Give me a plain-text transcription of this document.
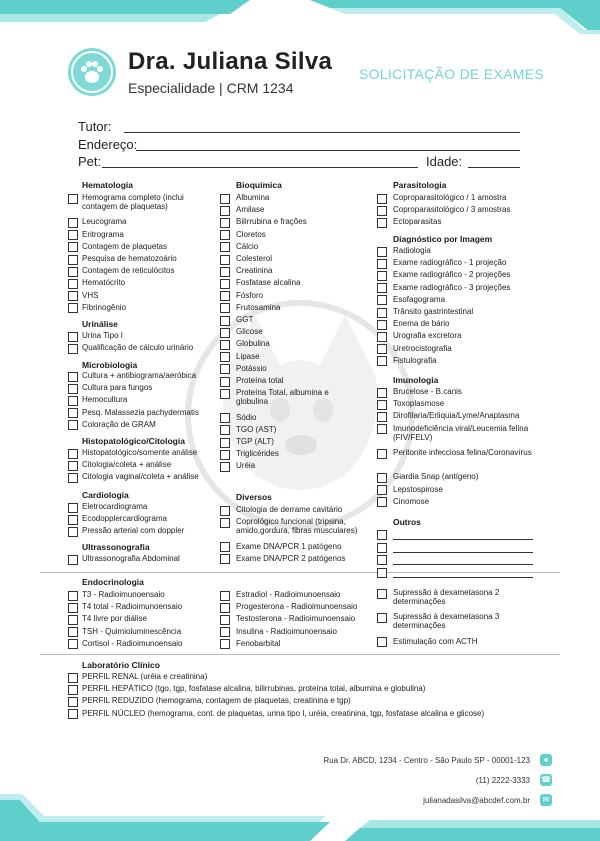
Dra. Juliana Silva
Especialidade | CRM 1234
SOLICITAÇÃO DE EXAMES
Tutor:
Endereço:
Pet:	Idade:
Hematologia
Urinálise
Microbiologia
Histopatológico/Citologia
Cardiologia
Ultrassonografia
Bioquímica
Diversos
Parasitologia
Diagnóstico por Imagem
Imunologia
Outros
Endocrinologia
Laboratório Clínico
Rua Dr. ABCD, 1234 - Centro - São Paulo SP - 00001-123	●
(11) 2222-3333 ☎
julianadasilva@abcdef.com.br	✉
Hemograma completo (inclui contagem de plaquetas)
Leucograma
Eritrograma
Contagem de plaquetas
Pesquisa de hematozoário
Contagem de reticulócitos
Hematócrito
VHS
Fibrinogênio
Urina Tipo I
Qualificação de cálculo urinário
Cultura + antibiograma/aeróbica
Cultura para fungos
Hemocultura
Pesq. Malassezia pachydermatis
Coloração de GRAM
Histopatológico/somente análise
Citologia/coleta + análise
Citologia vaginal/coleta + análise
Eletrocardiograma
Ecodopplercardiograma
Pressão arterial com doppler
Ultrassonografia Abdominal
Albumina
Amilase
Bilirrubina e frações
Cloretos
Cálcio
Colesterol
Creatinina
Fosfatase alcalina
Fósforo
Frutosamina
GGT
Glicose
Globulina
Lipase
Potássio
Proteína total
Proteína Total, albumina e globulina
Sódio
TGO (AST)
TGP (ALT)
Triglicérides
Uréia
Citologia de derrame cavitário
Coprológico funcional (tripsina, amido,gordura, fibras musculares)
Exame DNA/PCR 1 patógeno
Exame DNA/PCR 2 patógenos
Coproparasitológico / 1 amostra
Coproparasitológico / 3 amostras
Ectoparasitas
Radiologia
Exame radiográfico - 1 projeção
Exame radiográfico - 2 projeções
Exame radiográfico - 3 projeções
Esofagograma
Trânsito gastrintestinal
Enema de bário
Urografia excretora
Uretrocistografia
Fistulografia
Brucelose - B.canis
Toxoplasmose
Dirofilaria/Erliquia/Lyme/Anaplasma
Imunodeficiência viral/Leucemia felina (FIV/FELV)
Peritonite infecciosa felina/Coronavírus
Giardia Snap (antígeno)
Lepstospirose
Cinomose
T3 - Radioimunoensaio
T4 total - Radioimunoensaio
T4 livre por diálise
TSH - Quimioluminescência
Cortisol - Radioimunoensaio
Estradiol - Radioimunoensaio
Progesterona - Radioimunoensaio
Testosterona - Radioimunoensaio
Insulina - Radioimunoensaio
Fenobarbital
Supressão à dexametasona 2 determinações
Supressão à dexametasona 3 determinações
Estimulação com ACTH
PERFIL RENAL (uréia e creatinina)
PERFIL HEPÁTICO (tgo, tgp, fosfatase alcalina, bilirrubinas, proteína total, albumina e globulina)
PERFIL REDUZIDO (hemograma, contagem de plaquetas, creatinina e tgp)
PERFIL NÚCLEO (hemograma, cont. de plaquetas, urina tipo I, uréia, creatinina, tgp, fosfatase alcalina e glicose)
